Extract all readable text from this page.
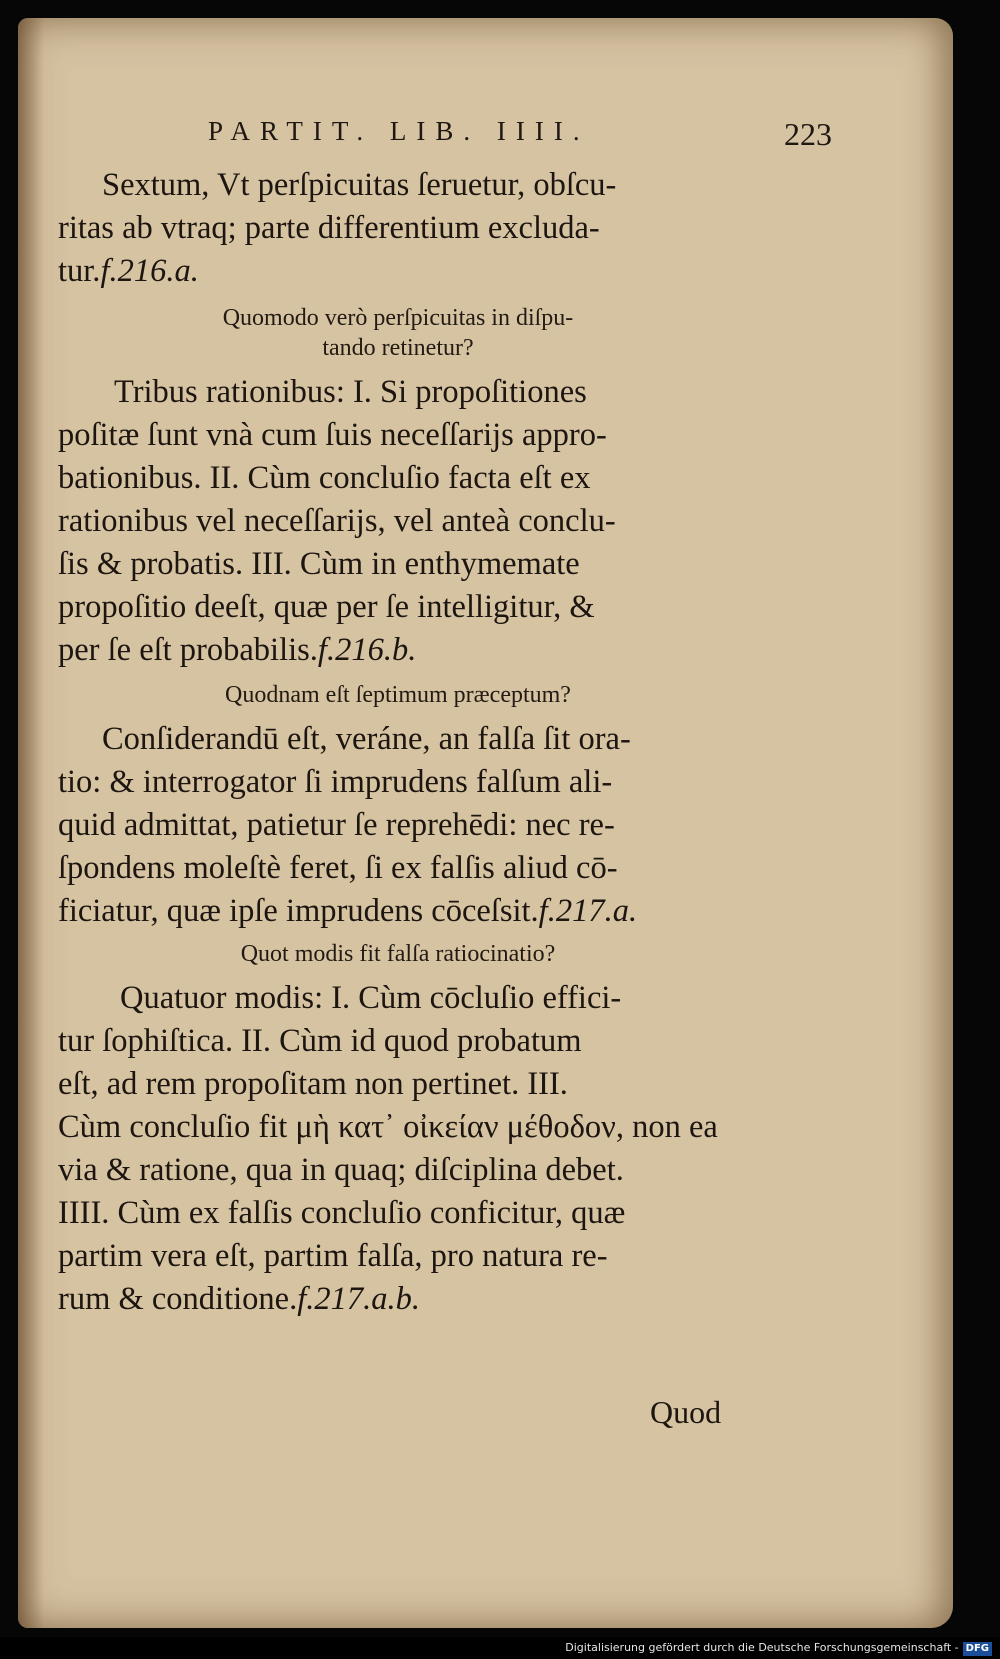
PARTIT. LIB. IIII.	223

Sextum, Vt perſpicuitas ſeruetur, obſcu-
ritas ab vtraq; parte differentium excluda-
tur.f.216.a.

Quomodo verò perſpicuitas in diſpu-
tando retinetur?

Tribus rationibus: I. Si propoſitiones
poſitæ ſunt vnà cum ſuis neceſſarijs appro-
bationibus. II. Cùm concluſio facta eſt ex
rationibus vel neceſſarijs, vel anteà conclu-
ſis & probatis. III. Cùm in enthymemate
propoſitio deeſt, quæ per ſe intelligitur, &
per ſe eſt probabilis.f.216.b.

Quodnam eſt ſeptimum præceptum?

Conſiderandū eſt, veráne, an falſa ſit ora-
tio: & interrogator ſi imprudens falſum ali-
quid admittat, patietur ſe reprehēdi: nec re-
ſpondens moleſtè feret, ſi ex falſis aliud cō-
ficiatur, quæ ipſe imprudens cōceſsit.f.217.a.

Quot modis fit falſa ratiocinatio?

Quatuor modis: I. Cùm cōcluſio effici-
tur ſophiſtica. II. Cùm id quod probatum
eſt, ad rem propoſitam non pertinet. III.
Cùm concluſio fit μὴ κατ᾽ οἰκείαν μέθοδον, non ea
via & ratione, qua in quaq; diſciplina debet.
IIII. Cùm ex falſis concluſio conficitur, quæ
partim vera eſt, partim falſa, pro natura re-
rum & conditione.f.217.a.b.

Quod
Digitalisierung gefördert durch die Deutsche Forschungsgemeinschaft - DFG
